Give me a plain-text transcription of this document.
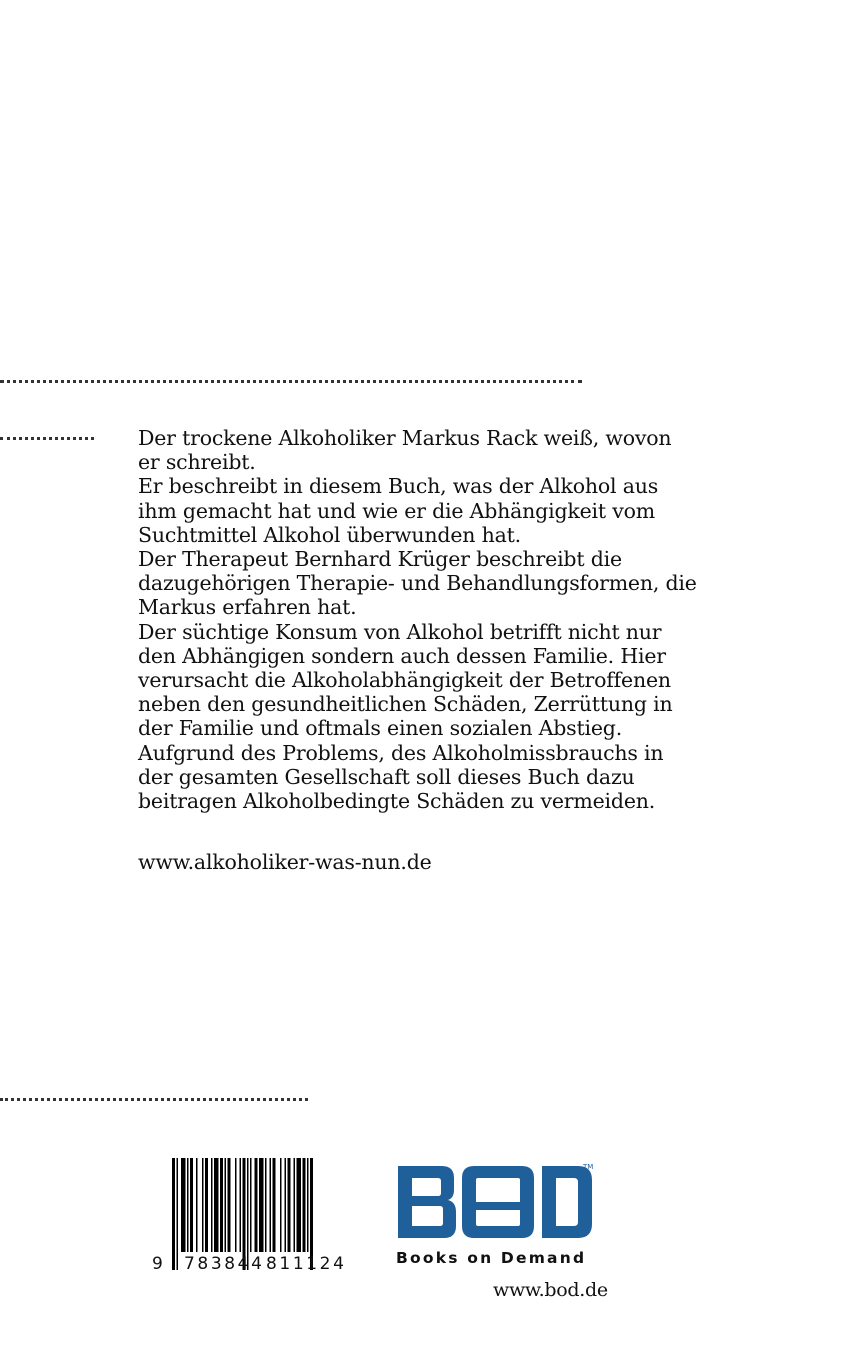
Der trockene Alkoholiker Markus Rack weiß, wovon er schreibt.

Er beschreibt in diesem Buch, was der Alkohol aus ihm gemacht hat und wie er die Abhängigkeit vom Suchtmittel Alkohol überwunden hat.

Der Therapeut Bernhard Krüger beschreibt die dazugehörigen Therapie- und Behandlungsformen, die Markus erfahren hat.

Der süchtige Konsum von Alkohol betrifft nicht nur den Abhängigen sondern auch dessen Familie. Hier verursacht die Alkoholabhängigkeit der Betroffenen neben den gesundheitlichen Schäden, Zerrüttung in der Familie und oftmals einen sozialen Abstieg.

Aufgrund des Problems, des Alkoholmissbrauchs in der gesamten Gesellschaft soll dieses Buch dazu beitragen Alkoholbedingte Schäden zu vermeiden.

www.alkoholiker-was-nun.de
9 783844 811124
TM
Books on Demand
www.bod.de
